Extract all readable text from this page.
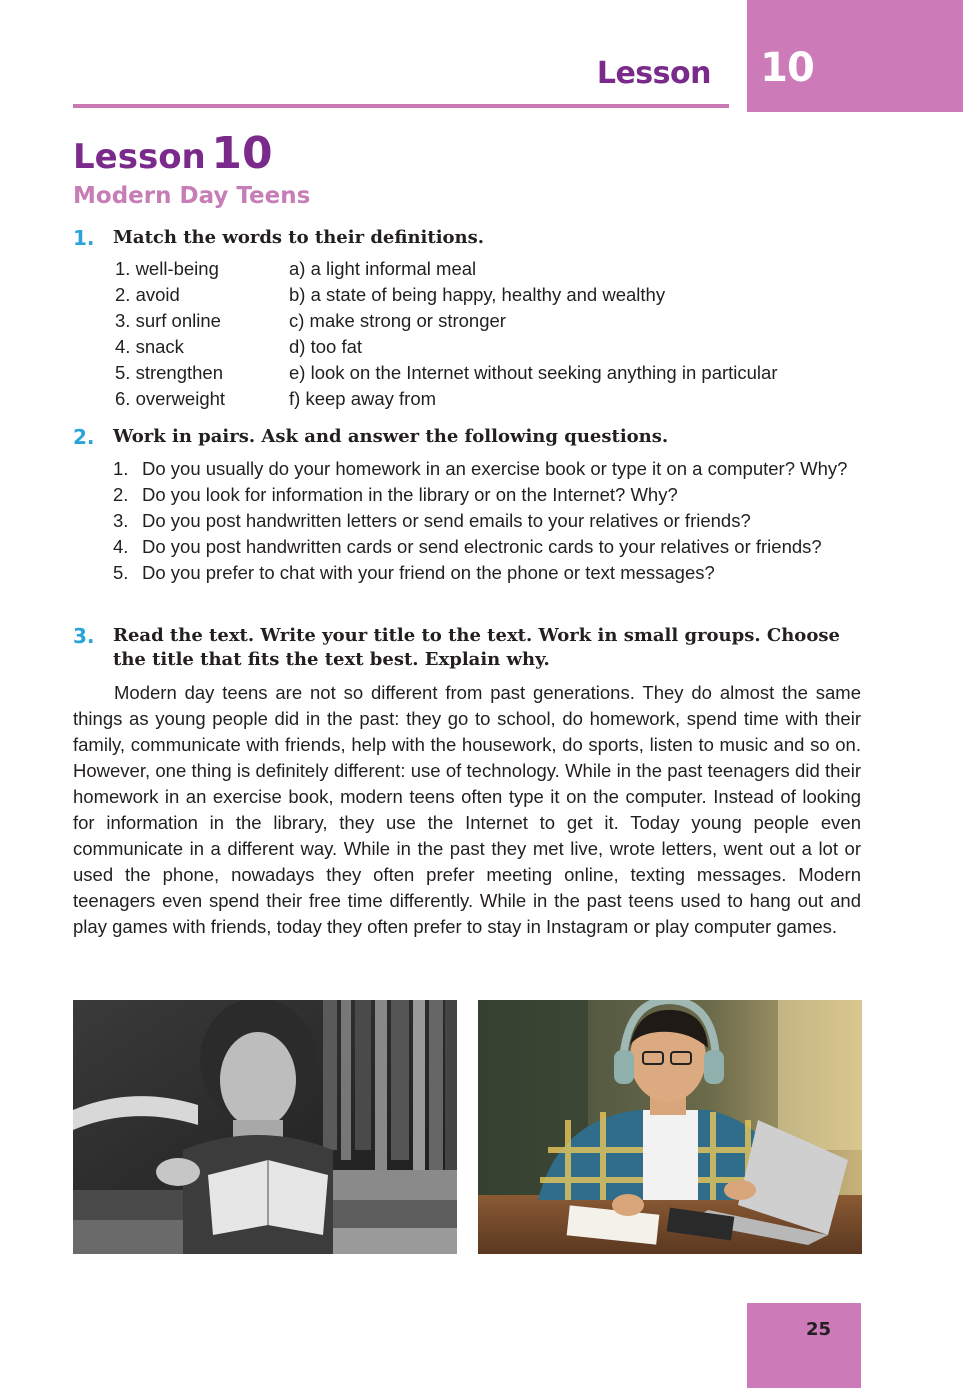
Lesson	10
Lesson 10
Modern Day Teens
1. Match the words to their definitions.
1. well-being	a) a light informal meal
2. avoid	b) a state of being happy, healthy and wealthy
3. surf online	c) make strong or stronger
4. snack	d) too fat
5. strengthen	e) look on the Internet without seeking anything in particular
6. overweight	f) keep away from
2. Work in pairs. Ask and answer the following questions.
1. Do you usually do your homework in an exercise book or type it on a computer? Why?
2. Do you look for information in the library or on the Internet? Why?
3. Do you post handwritten letters or send emails to your relatives or friends?
4. Do you post handwritten cards or send electronic cards to your relatives or friends?
5. Do you prefer to chat with your friend on the phone or text messages?
3. Read the text. Write your title to the text. Work in small groups. Choose the title that fits the text best. Explain why.
Modern day teens are not so different from past generations. They do almost the same things as young people did in the past: they go to school, do homework, spend time with their family, communicate with friends, help with the housework, do sports, listen to music and so on. However, one thing is definitely different: use of technology. While in the past teenagers did their homework in an exercise book, modern teens often type it on the computer. Instead of looking for information in the library, they use the Internet to get it. Today young people even communicate in a different way. While in the past they met live, wrote letters, went out a lot or used the phone, nowadays they often prefer meeting online, texting messages. Modern teenagers even spend their free time differently. While in the past teens used to hang out and play games with friends, today they often prefer to stay in Instagram or play computer games.
25
